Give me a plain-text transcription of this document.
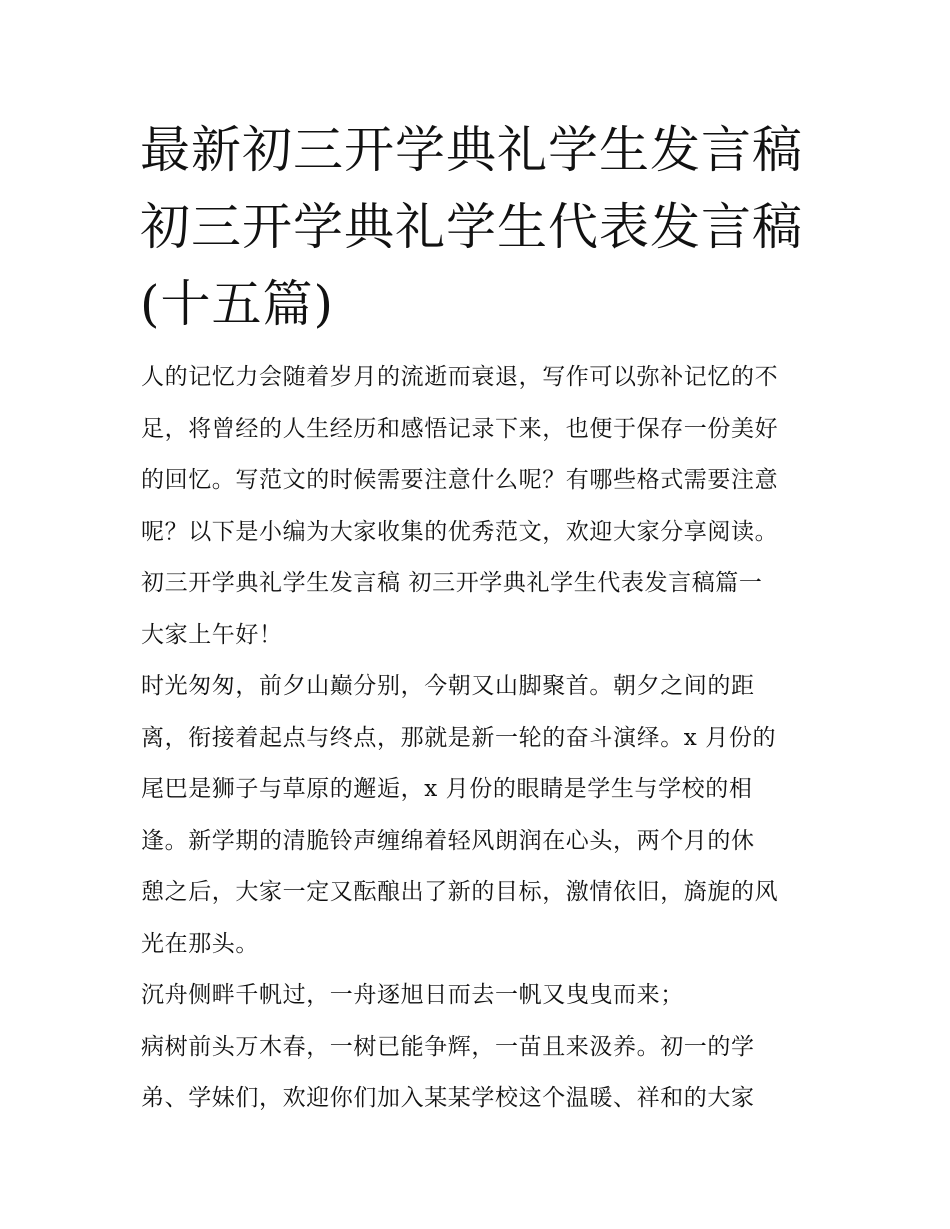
最新初三开学典礼学生发言稿
初三开学典礼学生代表发言稿
(十五篇)
人的记忆力会随着岁月的流逝而衰退，写作可以弥补记忆的不
足，将曾经的人生经历和感悟记录下来，也便于保存一份美好
的回忆。写范文的时候需要注意什么呢？有哪些格式需要注意
呢？以下是小编为大家收集的优秀范文，欢迎大家分享阅读。
初三开学典礼学生发言稿 初三开学典礼学生代表发言稿篇一
大家上午好！
时光匆匆，前夕山巅分别，今朝又山脚聚首。朝夕之间的距
离，衔接着起点与终点，那就是新一轮的奋斗演绎。x 月份的
尾巴是狮子与草原的邂逅，x 月份的眼睛是学生与学校的相
逢。新学期的清脆铃声缠绵着轻风朗润在心头，两个月的休
憩之后，大家一定又酝酿出了新的目标，激情依旧，旖旎的风
光在那头。
沉舟侧畔千帆过，一舟逐旭日而去一帆又曳曳而来；
病树前头万木春，一树已能争辉，一苗且来汲养。初一的学
弟、学妹们，欢迎你们加入某某学校这个温暖、祥和的大家
